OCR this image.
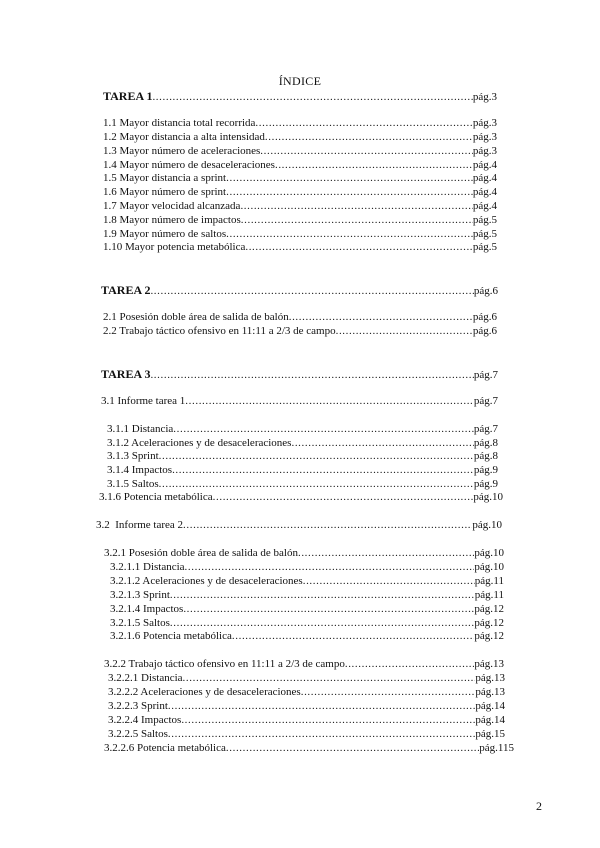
ÍNDICE
TAREA 1 .....	pág.3
1.1 Mayor distancia total recorrida .....	pág.3
1.2 Mayor distancia a alta intensidad .....	pág.3
1.3 Mayor número de aceleraciones .....	pág.3
1.4 Mayor número de desaceleraciones .....	pág.4
1.5 Mayor distancia a sprint .....	pág.4
1.6 Mayor número de sprint .....	pág.4
1.7 Mayor velocidad alcanzada .....	pág.4
1.8 Mayor número de impactos .....	pág.5
1.9 Mayor número de saltos .....	pág.5
1.10 Mayor potencia metabólica .....	pág.5
TAREA 2 .....	pág.6
2.1 Posesión doble área de salida de balón .....	pág.6
2.2 Trabajo táctico ofensivo en 11:11 a 2/3 de campo .....	pág.6
TAREA 3 .....	pág.7
3.1 Informe tarea 1 .....	pág.7
3.1.1 Distancia .....	pág.7
3.1.2 Aceleraciones y de desaceleraciones .....	pág.8
3.1.3 Sprint .....	pág.8
3.1.4 Impactos .....	pág.9
3.1.5 Saltos .....	pág.9
3.1.6 Potencia metabólica .....	pág.10
3.2  Informe tarea 2 .....	pág.10
3.2.1 Posesión doble área de salida de balón .....	pág.10
3.2.1.1 Distancia .....	pág.10
3.2.1.2 Aceleraciones y de desaceleraciones .....	pág.11
3.2.1.3 Sprint .....	pág.11
3.2.1.4 Impactos .....	pág.12
3.2.1.5 Saltos .....	pág.12
3.2.1.6 Potencia metabólica .....	pág.12
3.2.2 Trabajo táctico ofensivo en 11:11 a 2/3 de campo .....	pág.13
3.2.2.1 Distancia .....	pág.13
3.2.2.2 Aceleraciones y de desaceleraciones .....	pág.13
3.2.2.3 Sprint .....	pág.14
3.2.2.4 Impactos .....	pág.14
3.2.2.5 Saltos .....	pág.15
3.2.2.6 Potencia metabólica .....	pág.115
2
